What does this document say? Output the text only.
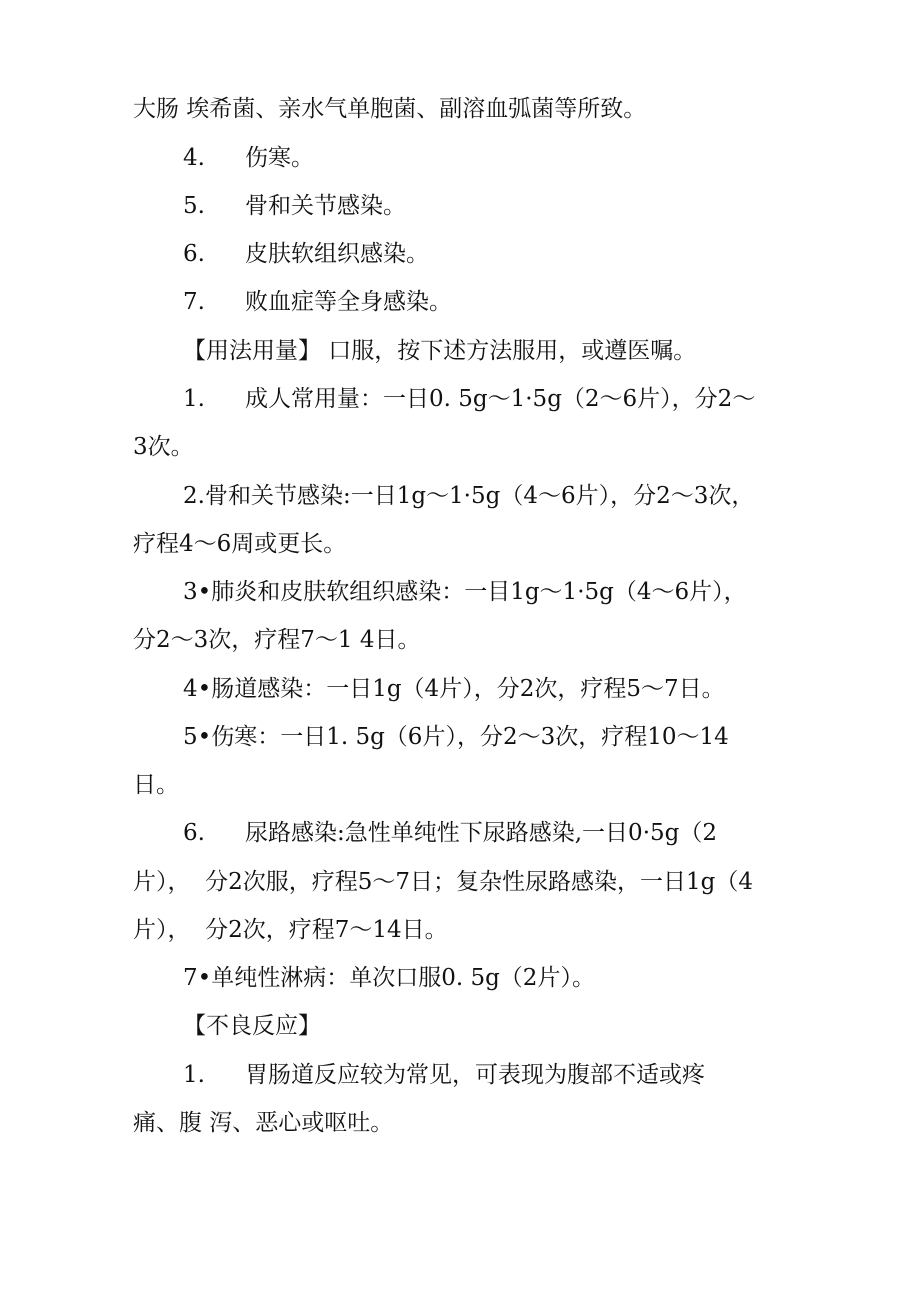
大肠 埃希菌、亲水气单胞菌、副溶血弧菌等所致。
4. 伤寒。
5. 骨和关节感染。
6. 皮肤软组织感染。
7. 败血症等全身感染。
【用法用量】 口服，按下述方法服用，或遵医嘱。
1. 成人常用量：一日0. 5g～1·5g（2～6片），分2～
3次。
2.骨和关节感染:一日1g～1·5g（4～6片），分2～3次，
疗程4～6周或更长。
3•肺炎和皮肤软组织感染：一目1g～1·5g（4～6片），
分2～3次，疗程7～1 4日。
4•肠道感染：一日1g（4片），分2次，疗程5～7日。
5•伤寒：一日1. 5g（6片），分2～3次，疗程10～14
日。
6. 尿路感染:急性单纯性下尿路感染,一日0·5g（2
片），  分2次服，疗程5～7日；复杂性尿路感染，一日1g（4
片），  分2次，疗程7～14日。
7•单纯性淋病：单次口服0. 5g（2片）。
【不良反应】
1. 胃肠道反应较为常见，可表现为腹部不适或疼
痛、腹 泻、恶心或呕吐。
